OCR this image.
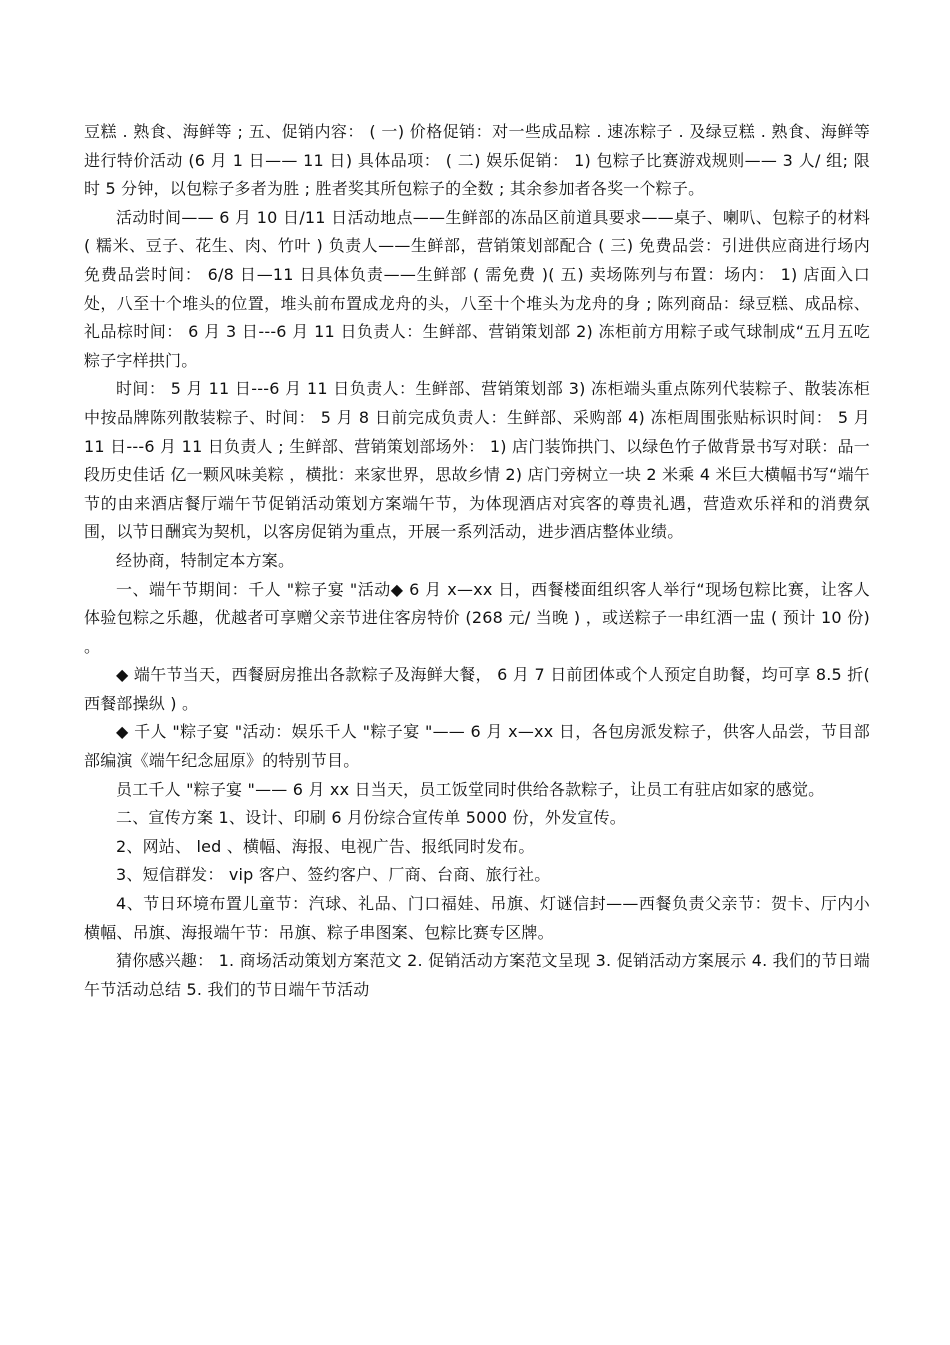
豆糕 . 熟食、海鲜等 ; 五、促销内容： ( 一) 价格促销：对一些成品粽 . 速冻粽子 . 及绿豆糕 . 熟食、海鲜等进行特价活动 (6 月 1 日—— 11 日) 具体品项： ( 二) 娱乐促销： 1) 包粽子比赛游戏规则—— 3 人/ 组; 限时 5 分钟，以包粽子多者为胜 ; 胜者奖其所包粽子的全数 ; 其余参加者各奖一个粽子。

活动时间—— 6 月 10 日/11 日活动地点——生鲜部的冻品区前道具要求——桌子、喇叭、包粽子的材料 ( 糯米、豆子、花生、肉、竹叶 ) 负责人——生鲜部，营销策划部配合 ( 三) 免费品尝：引进供应商进行场内免费品尝时间： 6/8 日—11 日具体负责——生鲜部 ( 需免费 )( 五) 卖场陈列与布置：场内： 1) 店面入口处，八至十个堆头的位置，堆头前布置成龙舟的头，八至十个堆头为龙舟的身 ; 陈列商品：绿豆糕、成品棕、礼品棕时间： 6 月 3 日---6 月 11 日负责人：生鲜部、营销策划部 2) 冻柜前方用粽子或气球制成“五月五吃粽子字样拱门。

时间： 5 月 11 日---6 月 11 日负责人：生鲜部、营销策划部 3) 冻柜端头重点陈列代装粽子、散装冻柜中按品牌陈列散装粽子、时间： 5 月 8 日前完成负责人：生鲜部、采购部 4) 冻柜周围张贴标识时间： 5 月 11 日---6 月 11 日负责人 ; 生鲜部、营销策划部场外： 1) 店门装饰拱门、以绿色竹子做背景书写对联：品一段历史佳话 亿一颗风味美粽 ，横批：来家世界，思故乡情 2) 店门旁树立一块 2 米乘 4 米巨大横幅书写“端午节的由来酒店餐厅端午节促销活动策划方案端午节，为体现酒店对宾客的尊贵礼遇，营造欢乐祥和的消费氛围，以节日酬宾为契机，以客房促销为重点，开展一系列活动，进步酒店整体业绩。

经协商，特制定本方案。

一、端午节期间：千人 "粽子宴 "活动◆ 6 月 x—xx 日，西餐楼面组织客人举行“现场包粽比赛，让客人体验包粽之乐趣，优越者可享赠父亲节进住客房特价 (268 元/ 当晚 ) ，或送粽子一串红酒一盅 ( 预计 10 份) 。

◆ 端午节当天，西餐厨房推出各款粽子及海鲜大餐， 6 月 7 日前团体或个人预定自助餐，均可享 8.5 折( 西餐部操纵 ) 。

◆ 千人 "粽子宴 "活动：娱乐千人 "粽子宴 "—— 6 月 x—xx 日，各包房派发粽子，供客人品尝，节目部部编演《端午纪念屈原》的特别节目。

员工千人 "粽子宴 "—— 6 月 xx 日当天，员工饭堂同时供给各款粽子，让员工有驻店如家的感觉。

二、宣传方案 1、设计、印刷 6 月份综合宣传单 5000 份，外发宣传。

2、网站、 led 、横幅、海报、电视广告、报纸同时发布。

3、短信群发： vip 客户、签约客户、厂商、台商、旅行社。

4、节日环境布置儿童节：汽球、礼品、门口福娃、吊旗、灯谜信封——西餐负责父亲节：贺卡、厅内小横幅、吊旗、海报端午节：吊旗、粽子串图案、包粽比赛专区牌。

猜你感兴趣： 1. 商场活动策划方案范文 2. 促销活动方案范文呈现 3. 促销活动方案展示 4. 我们的节日端午节活动总结 5. 我们的节日端午节活动
